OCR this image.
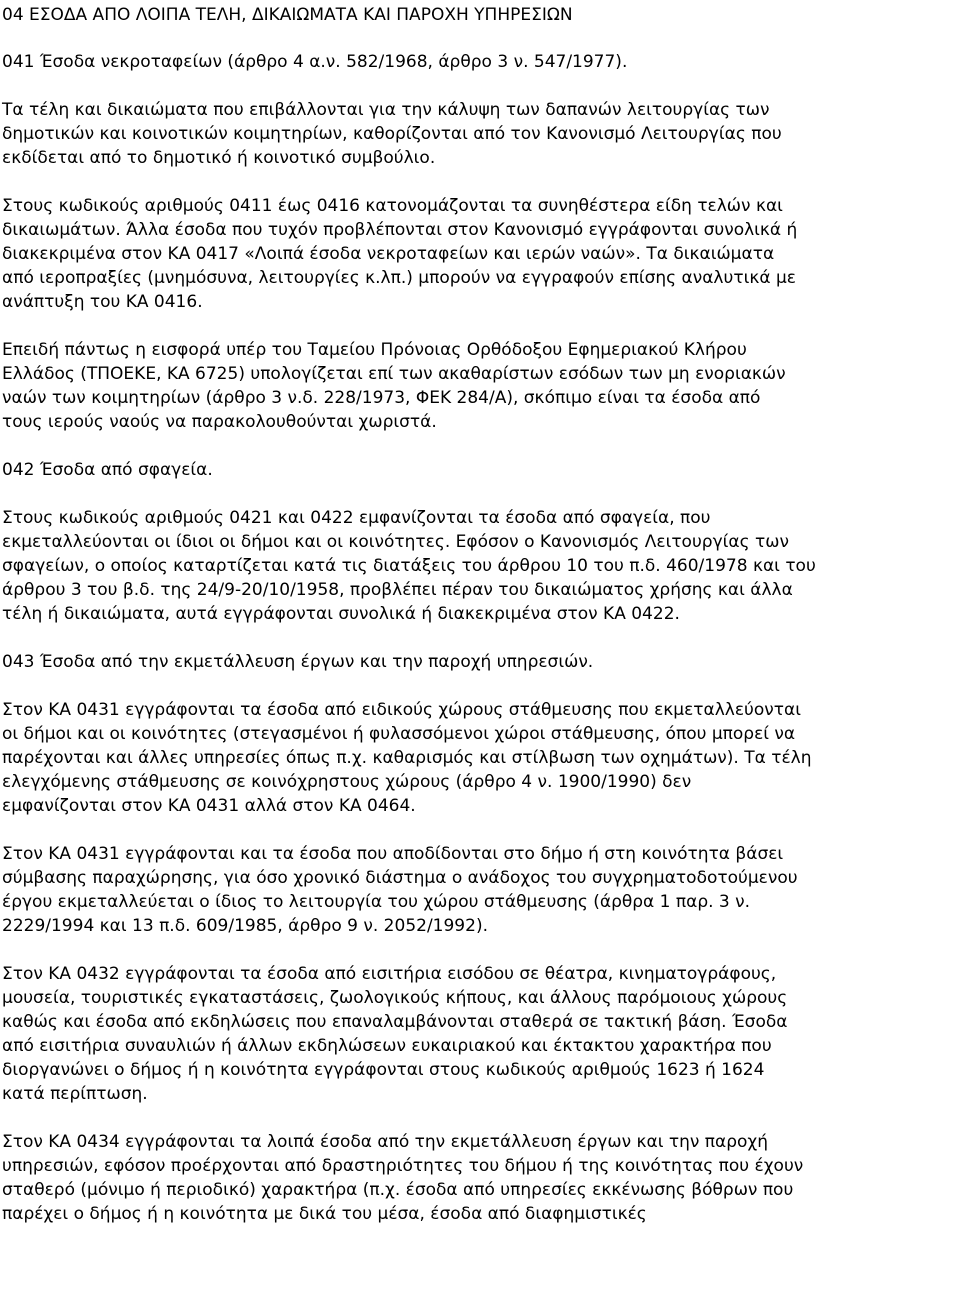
04 ΕΣΟΔΑ ΑΠΟ ΛΟΙΠΑ ΤΕΛΗ, ΔΙΚΑΙΩΜΑΤΑ ΚΑΙ ΠΑΡΟΧΗ ΥΠΗΡΕΣΙΩΝ
041 Έσοδα νεκροταφείων (άρθρο 4 α.ν. 582/1968, άρθρο 3 ν. 547/1977).
Τα τέλη και δικαιώματα που επιβάλλονται για την κάλυψη των δαπανών λειτουργίας των
δημοτικών και κοινοτικών κοιμητηρίων, καθορίζονται από τον Κανονισμό Λειτουργίας που
εκδίδεται από το δημοτικό ή κοινοτικό συμβούλιο.
Στους κωδικούς αριθμούς 0411 έως 0416 κατονομάζονται τα συνηθέστερα είδη τελών και
δικαιωμάτων. Άλλα έσοδα που τυχόν προβλέπονται στον Κανονισμό εγγράφονται συνολικά ή
διακεκριμένα στον ΚΑ 0417 «Λοιπά έσοδα νεκροταφείων και ιερών ναών». Τα δικαιώματα
από ιεροπραξίες (μνημόσυνα, λειτουργίες κ.λπ.) μπορούν να εγγραφούν επίσης αναλυτικά με
ανάπτυξη του ΚΑ 0416.
Επειδή πάντως η εισφορά υπέρ του Ταμείου Πρόνοιας Ορθόδοξου Εφημεριακού Κλήρου
Ελλάδος (ΤΠΟΕΚΕ, ΚΑ 6725) υπολογίζεται επί των ακαθαρίστων εσόδων των μη ενοριακών
ναών των κοιμητηρίων (άρθρο 3 ν.δ. 228/1973, ΦΕΚ 284/Α), σκόπιμο είναι τα έσοδα από
τους ιερούς ναούς να παρακολουθούνται χωριστά.
042 Έσοδα από σφαγεία.
Στους κωδικούς αριθμούς 0421 και 0422 εμφανίζονται τα έσοδα από σφαγεία, που
εκμεταλλεύονται οι ίδιοι οι δήμοι και οι κοινότητες. Εφόσον ο Κανονισμός Λειτουργίας των
σφαγείων, ο οποίος καταρτίζεται κατά τις διατάξεις του άρθρου 10 του π.δ. 460/1978 και του
άρθρου 3 του β.δ. της 24/9-20/10/1958, προβλέπει πέραν του δικαιώματος χρήσης και άλλα
τέλη ή δικαιώματα, αυτά εγγράφονται συνολικά ή διακεκριμένα στον ΚΑ 0422.
043 Έσοδα από την εκμετάλλευση έργων και την παροχή υπηρεσιών.
Στον ΚΑ 0431 εγγράφονται τα έσοδα από ειδικούς χώρους στάθμευσης που εκμεταλλεύονται
οι δήμοι και οι κοινότητες (στεγασμένοι ή φυλασσόμενοι χώροι στάθμευσης, όπου μπορεί να
παρέχονται και άλλες υπηρεσίες όπως π.χ. καθαρισμός και στίλβωση των οχημάτων). Τα τέλη
ελεγχόμενης στάθμευσης σε κοινόχρηστους χώρους (άρθρο 4 ν. 1900/1990) δεν
εμφανίζονται στον ΚΑ 0431 αλλά στον ΚΑ 0464.
Στον ΚΑ 0431 εγγράφονται και τα έσοδα που αποδίδονται στο δήμο ή στη κοινότητα βάσει
σύμβασης παραχώρησης, για όσο χρονικό διάστημα ο ανάδοχος του συγχρηματοδοτούμενου
έργου εκμεταλλεύεται ο ίδιος το λειτουργία του χώρου στάθμευσης (άρθρα 1 παρ. 3 ν.
2229/1994 και 13 π.δ. 609/1985, άρθρο 9 ν. 2052/1992).
Στον ΚΑ 0432 εγγράφονται τα έσοδα από εισιτήρια εισόδου σε θέατρα, κινηματογράφους,
μουσεία, τουριστικές εγκαταστάσεις, ζωολογικούς κήπους, και άλλους παρόμοιους χώρους
καθώς και έσοδα από εκδηλώσεις που επαναλαμβάνονται σταθερά σε τακτική βάση. Έσοδα
από εισιτήρια συναυλιών ή άλλων εκδηλώσεων ευκαιριακού και έκτακτου χαρακτήρα που
διοργανώνει ο δήμος ή η κοινότητα εγγράφονται στους κωδικούς αριθμούς 1623 ή 1624
κατά περίπτωση.
Στον ΚΑ 0434 εγγράφονται τα λοιπά έσοδα από την εκμετάλλευση έργων και την παροχή
υπηρεσιών, εφόσον προέρχονται από δραστηριότητες του δήμου ή της κοινότητας που έχουν
σταθερό (μόνιμο ή περιοδικό) χαρακτήρα (π.χ. έσοδα από υπηρεσίες εκκένωσης βόθρων που
παρέχει ο δήμος ή η κοινότητα με δικά του μέσα, έσοδα από διαφημιστικές
